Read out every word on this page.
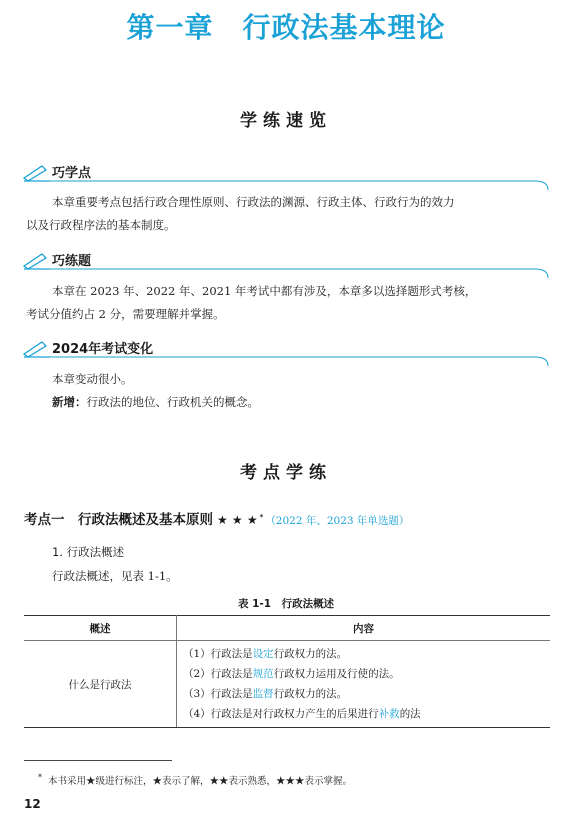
第一章　行政法基本理论
学练速览
巧学点
本章重要考点包括行政合理性原则、行政法的渊源、行政主体、行政行为的效力
以及行政程序法的基本制度。
巧练题
本章在 2023 年、2022 年、2021 年考试中都有涉及，本章多以选择题形式考核，
考试分值约占 2 分，需要理解并掌握。
2024年考试变化
本章变动很小。
新增：行政法的地位、行政机关的概念。
考点学练
考点一　行政法概述及基本原则 ★ ★ ★ * （2022 年、2023 年单选题）
1. 行政法概述
行政法概述，见表 1-1。
表 1-1　行政法概述
概述	内容
什么是行政法	（1）行政法是设定行政权力的法。
（2）行政法是规范行政权力运用及行使的法。
（3）行政法是监督行政权力的法。
（4）行政法是对行政权力产生的后果进行补救的法
* 本书采用★级进行标注，★表示了解，★★表示熟悉，★★★表示掌握。
12
